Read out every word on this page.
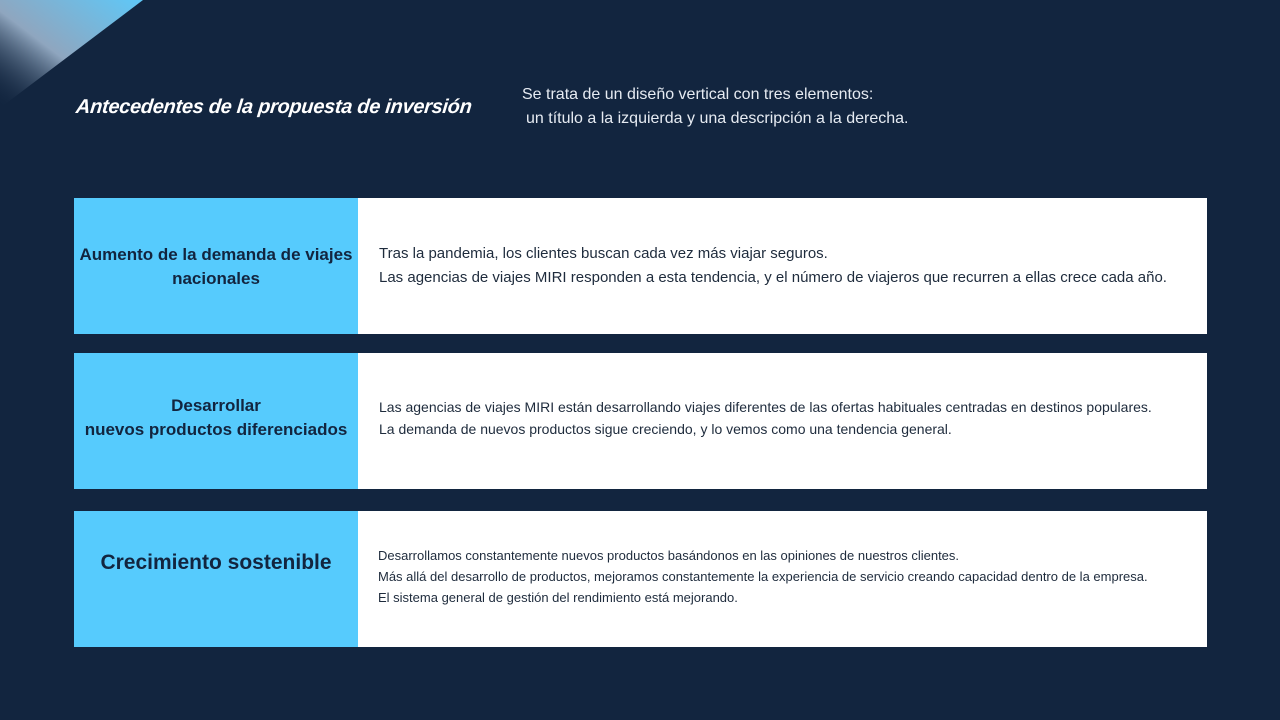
Antecedentes de la propuesta de inversión
Se trata de un diseño vertical con tres elementos:
un título a la izquierda y una descripción a la derecha.
Aumento de la demanda de viajes
nacionales
Tras la pandemia, los clientes buscan cada vez más viajar seguros.
Las agencias de viajes MIRI responden a esta tendencia, y el número de viajeros que recurren a ellas crece cada año.
Desarrollar
nuevos productos diferenciados
Las agencias de viajes MIRI están desarrollando viajes diferentes de las ofertas habituales centradas en destinos populares.
La demanda de nuevos productos sigue creciendo, y lo vemos como una tendencia general.
Crecimiento sostenible	Desarrollamos constantemente nuevos productos basándonos en las opiniones de nuestros clientes.
Más allá del desarrollo de productos, mejoramos constantemente la experiencia de servicio creando capacidad dentro de la empresa.
El sistema general de gestión del rendimiento está mejorando.
